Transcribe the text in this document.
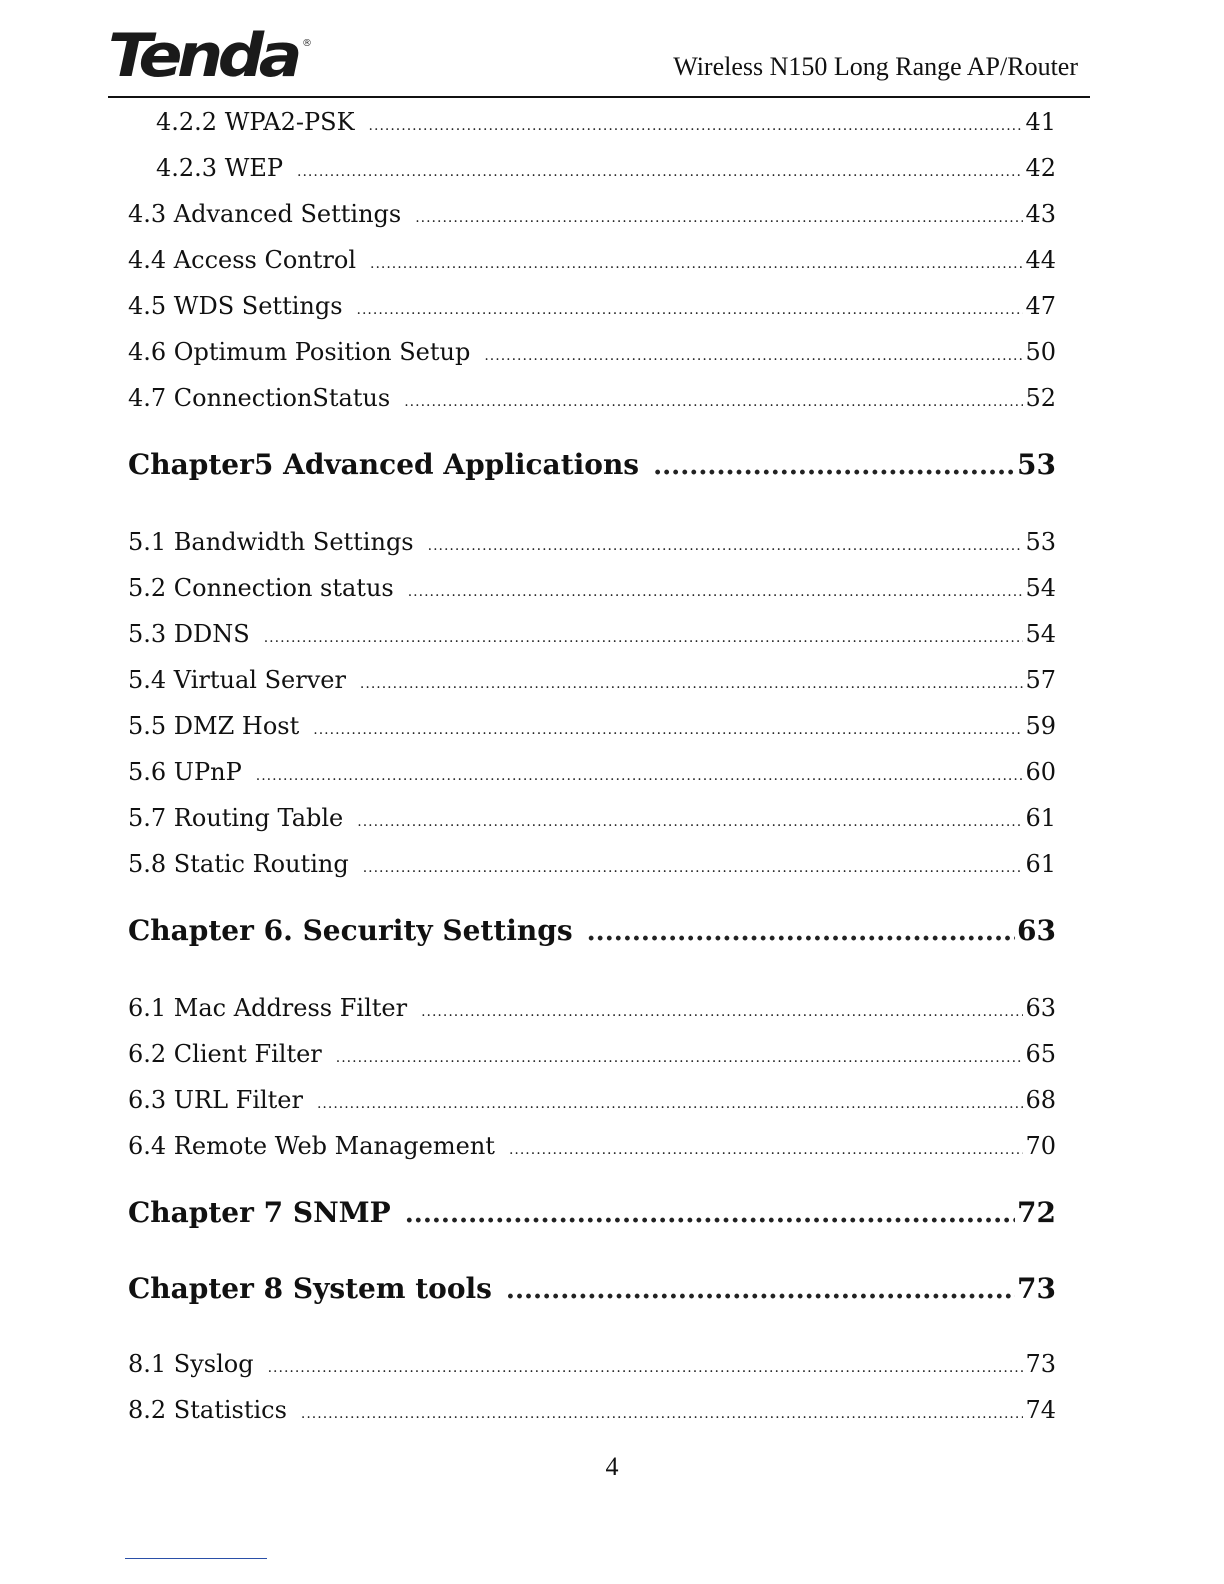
Tenda ®
Wireless N150 Long Range AP/Router
4.2.2 WPA2-PSK .....	41
4.2.3 WEP .....	42
4.3 Advanced Settings .....	43
4.4 Access Control .....	44
4.5 WDS Settings .....	47
4.6 Optimum Position Setup .....	50
4.7 ConnectionStatus .....	52
Chapter5 Advanced Applications .....	53
5.1 Bandwidth Settings .....	53
5.2 Connection status .....	54
5.3 DDNS .....	54
5.4 Virtual Server .....	57
5.5 DMZ Host .....	59
5.6 UPnP .....	60
5.7 Routing Table .....	61
5.8 Static Routing .....	61
Chapter 6. Security Settings .....	63
6.1 Mac Address Filter .....	63
6.2 Client Filter .....	65
6.3 URL Filter .....	68
6.4 Remote Web Management .....	70
Chapter 7 SNMP .....	72
Chapter 8 System tools .....	73
8.1 Syslog .....	73
8.2 Statistics .....	74
4
